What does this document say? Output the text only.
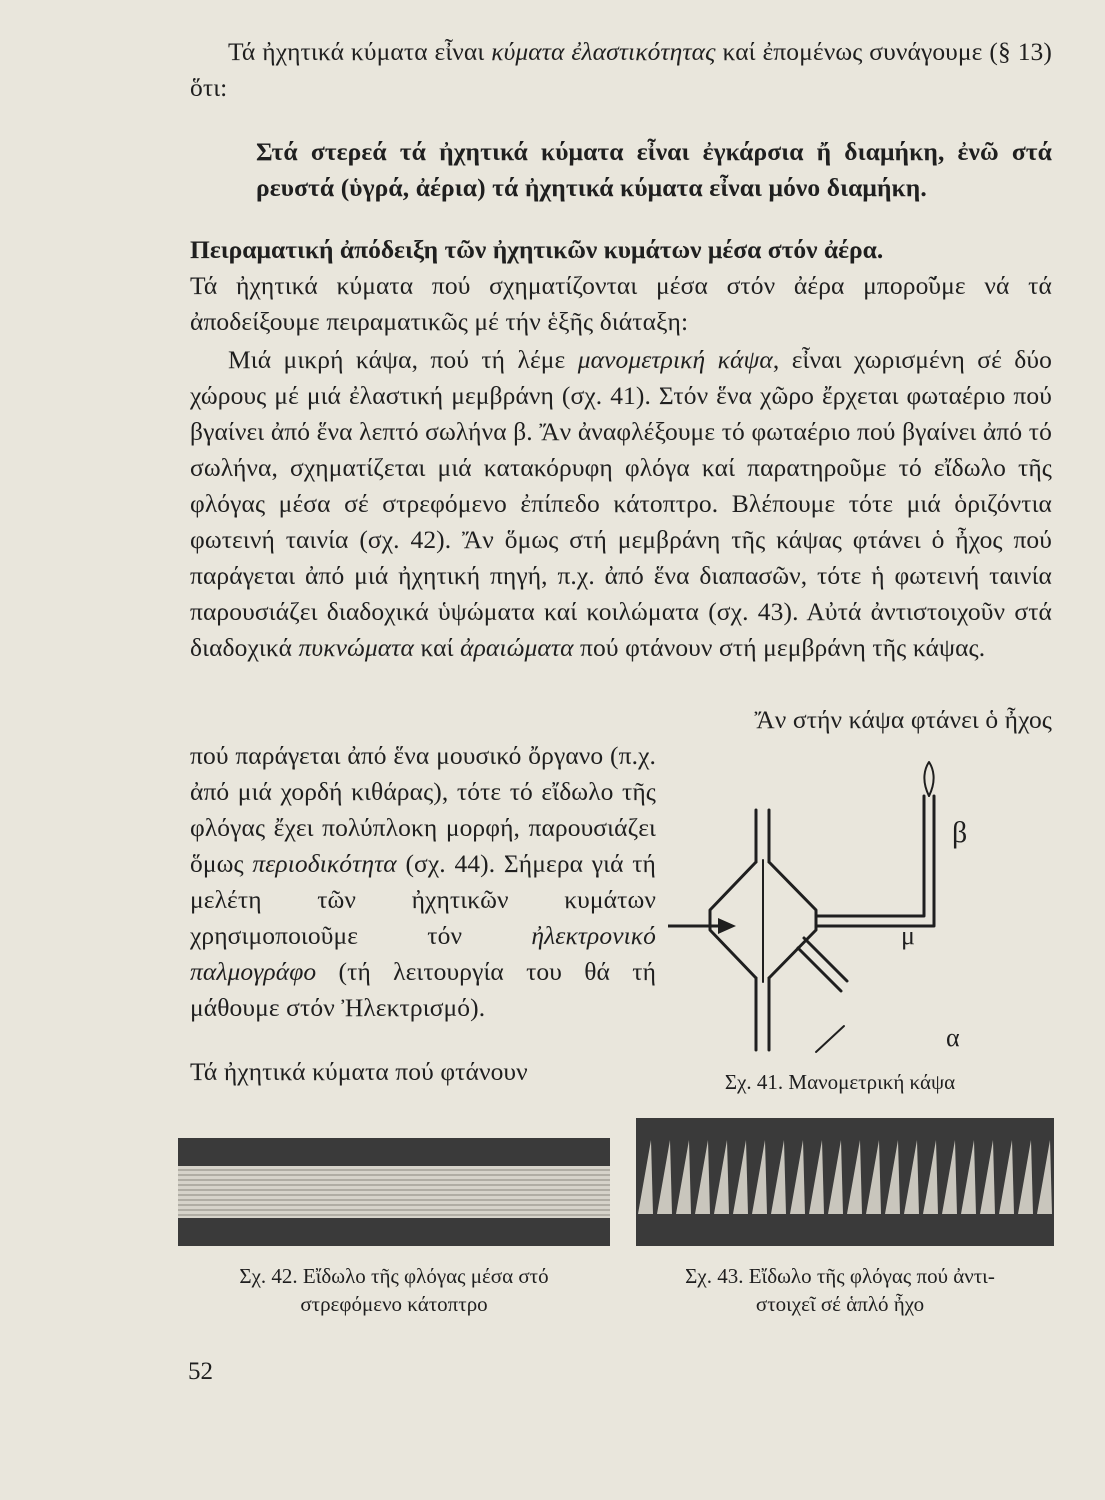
Τά ἠχητικά κύματα εἶναι κύματα ἐλαστικότητας καί ἐπομένως συνάγουμε (§ 13) ὅτι:

Στά στερεά τά ἠχητικά κύματα εἶναι ἐγκάρσια ἤ διαμήκη, ἐνῶ στά ρευστά (ὑγρά, ἀέρια) τά ἠχητικά κύματα εἶναι μόνο διαμήκη.

Πειραματική ἀπόδειξη τῶν ἠχητικῶν κυμάτων μέσα στόν ἀέρα.

Τά ἠχητικά κύματα πού σχηματίζονται μέσα στόν ἀέρα μπορο̃ύμε νά τά ἀποδείξουμε πειραματικῶς μέ τήν ἑξῆς διάταξη:

Μιά μικρή κάψα, πού τή λέμε μανομετρική κάψα, εἶναι χωρισμένη σέ δύο χώρους μέ μιά ἐλαστική μεμβράνη (σχ. 41). Στόν ἕνα χῶρο ἔρχεται φωταέριο πού βγαίνει ἀπό ἕνα λεπτό σωλήνα β. Ἄν ἀναφλέξουμε τό φωταέριο πού βγαίνει ἀπό τό σωλήνα, σχηματίζεται μιά κατακόρυφη φλόγα καί παρατηροῦμε τό εἴδωλο τῆς φλόγας μέσα σέ στρεφόμενο ἐπίπεδο κάτοπτρο. Βλέπουμε τότε μιά ὁριζόντια φωτεινή ταινία (σχ. 42). Ἄν ὅμως στή μεμβράνη τῆς κάψας φτάνει ὁ ἦχος πού παράγεται ἀπό μιά ἠχητική πηγή, π.χ. ἀπό ἕνα διαπασῶν, τότε ἡ φωτεινή ταινία παρουσιάζει διαδοχικά ὑψώματα καί κοιλώματα (σχ. 43). Αὐτά ἀντιστοιχοῦν στά διαδοχικά πυκνώματα καί ἀραιώματα πού φτάνουν στή μεμβράνη τῆς κάψας.

Ἄν στήν κάψα φτάνει ὁ ἦχος

πού παράγεται ἀπό ἕνα μουσικό ὄργανο (π.χ. ἀπό μιά χορδή κιθάρας), τότε τό εἴδωλο τῆς φλόγας ἔχει πολύπλοκη μορφή, παρουσιάζει ὅμως περιοδικότητα (σχ. 44). Σήμερα γιά τή μελέτη τῶν ἠχητικῶν κυμάτων χρησιμοποιοῦμε τόν ἠλεκτρονικό παλμογράφο (τή λειτουργία του θά τή μάθουμε στόν Ἠλεκτρισμό).

Τά ἠχητικά κύματα πού φτάνουν

β
μ
α
Σχ. 41. Μανομετρική κάψα
Σχ. 42. Εἴδωλο τῆς φλόγας μέσα στό
στρεφόμενο κάτοπτρο
Σχ. 43. Εἴδωλο τῆς φλόγας πού ἀντι-
στοιχεῖ σέ ἁπλό ἦχο
52
